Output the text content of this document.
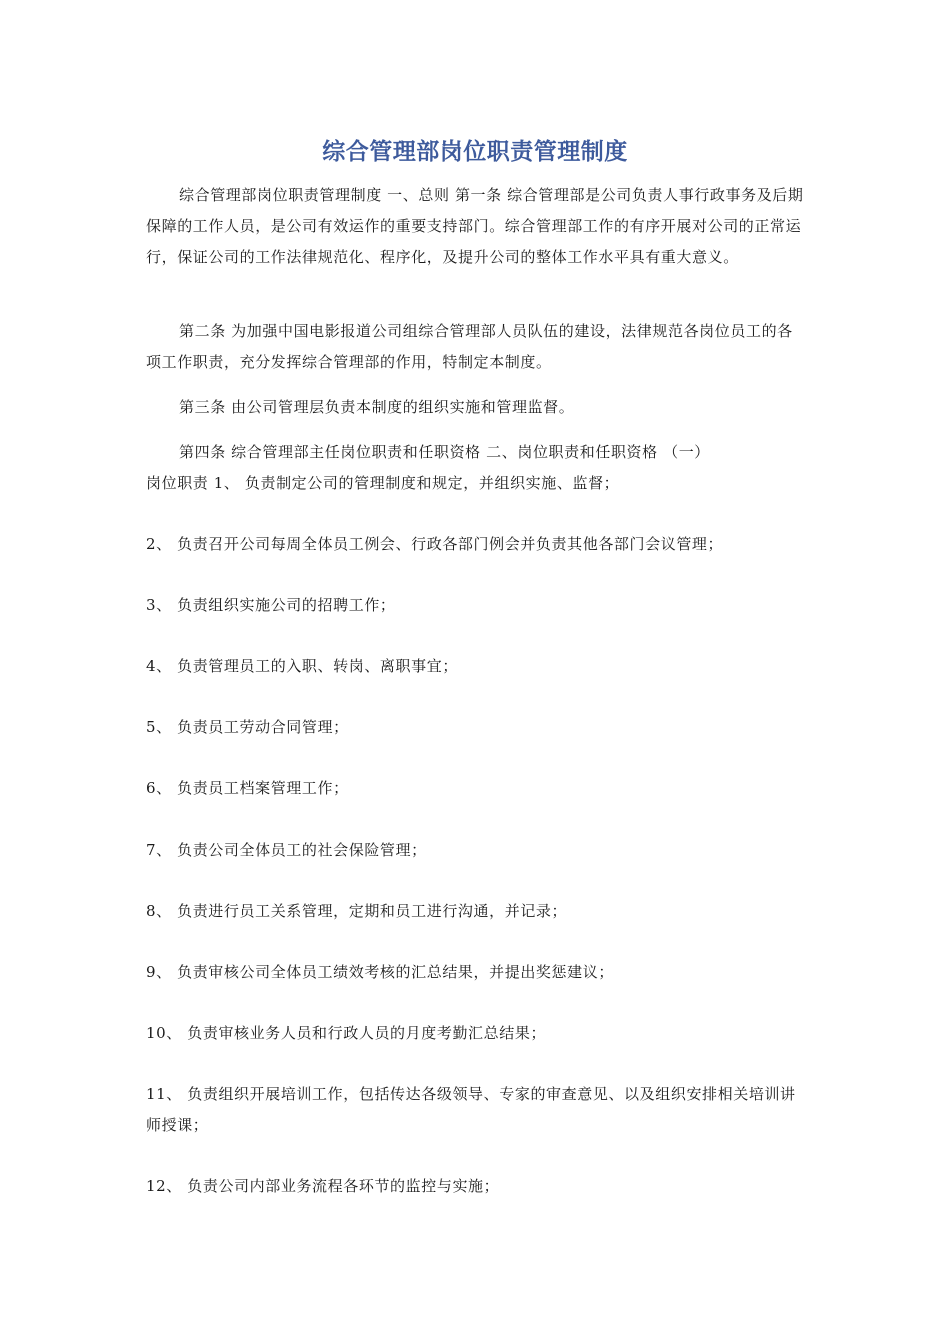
综合管理部岗位职责管理制度
综合管理部岗位职责管理制度 一、总则 第一条 综合管理部是公司负责人事行政事务及后期保障的工作人员，是公司有效运作的重要支持部门。综合管理部工作的有序开展对公司的正常运行，保证公司的工作法律规范化、程序化，及提升公司的整体工作水平具有重大意义。
第二条 为加强中国电影报道公司组综合管理部人员队伍的建设，法律规范各岗位员工的各项工作职责，充分发挥综合管理部的作用，特制定本制度。
第三条 由公司管理层负责本制度的组织实施和管理监督。
第四条 综合管理部主任岗位职责和任职资格 二、岗位职责和任职资格 （一）
岗位职责 1、 负责制定公司的管理制度和规定，并组织实施、监督；
2、 负责召开公司每周全体员工例会、行政各部门例会并负责其他各部门会议管理；
3、 负责组织实施公司的招聘工作；
4、 负责管理员工的入职、转岗、离职事宜；
5、 负责员工劳动合同管理；
6、 负责员工档案管理工作；
7、 负责公司全体员工的社会保险管理；
8、 负责进行员工关系管理，定期和员工进行沟通，并记录；
9、 负责审核公司全体员工绩效考核的汇总结果，并提出奖惩建议；
10、 负责审核业务人员和行政人员的月度考勤汇总结果；
11、 负责组织开展培训工作，包括传达各级领导、专家的审查意见、以及组织安排相关培训讲师授课；
12、 负责公司内部业务流程各环节的监控与实施；
